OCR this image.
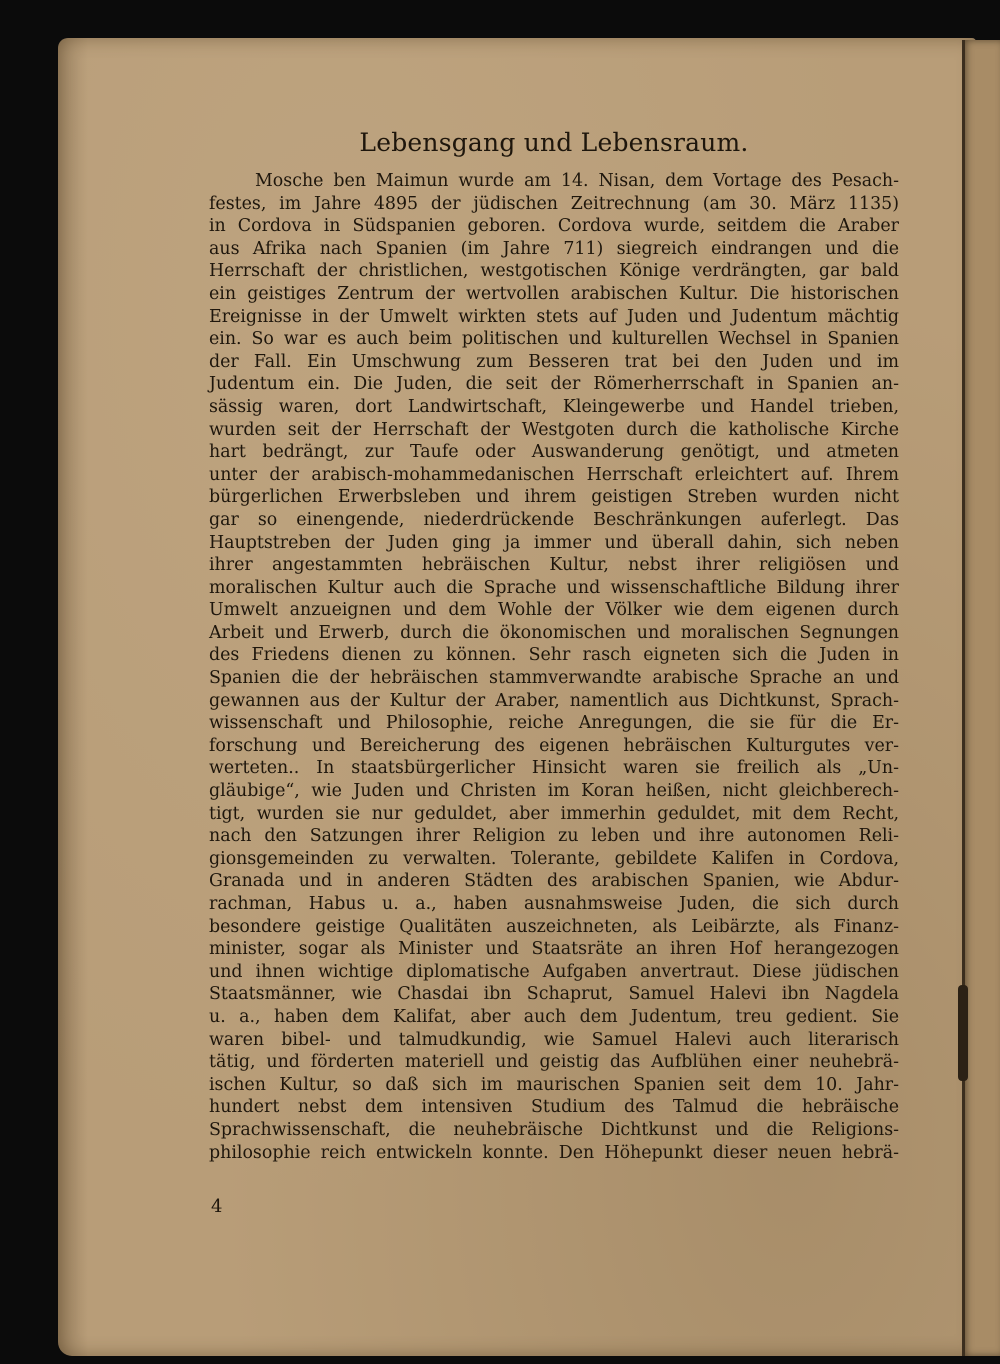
Lebensgang und Lebensraum.
Mosche ben Maimun wurde am 14. Nisan, dem Vortage des Pesach-
festes, im Jahre 4895 der jüdischen Zeitrechnung (am 30. März 1135)
in Cordova in Südspanien geboren. Cordova wurde, seitdem die Araber
aus Afrika nach Spanien (im Jahre 711) siegreich eindrangen und die
Herrschaft der christlichen, westgotischen Könige verdrängten, gar bald
ein geistiges Zentrum der wertvollen arabischen Kultur. Die historischen
Ereignisse in der Umwelt wirkten stets auf Juden und Judentum mächtig
ein. So war es auch beim politischen und kulturellen Wechsel in Spanien
der Fall. Ein Umschwung zum Besseren trat bei den Juden und im
Judentum ein. Die Juden, die seit der Römerherrschaft in Spanien an-
sässig waren, dort Landwirtschaft, Kleingewerbe und Handel trieben,
wurden seit der Herrschaft der Westgoten durch die katholische Kirche
hart bedrängt, zur Taufe oder Auswanderung genötigt, und atmeten
unter der arabisch-mohammedanischen Herrschaft erleichtert auf. Ihrem
bürgerlichen Erwerbsleben und ihrem geistigen Streben wurden nicht
gar so einengende, niederdrückende Beschränkungen auferlegt. Das
Hauptstreben der Juden ging ja immer und überall dahin, sich neben
ihrer angestammten hebräischen Kultur, nebst ihrer religiösen und
moralischen Kultur auch die Sprache und wissenschaftliche Bildung ihrer
Umwelt anzueignen und dem Wohle der Völker wie dem eigenen durch
Arbeit und Erwerb, durch die ökonomischen und moralischen Segnungen
des Friedens dienen zu können. Sehr rasch eigneten sich die Juden in
Spanien die der hebräischen stammverwandte arabische Sprache an und
gewannen aus der Kultur der Araber, namentlich aus Dichtkunst, Sprach-
wissenschaft und Philosophie, reiche Anregungen, die sie für die Er-
forschung und Bereicherung des eigenen hebräischen Kulturgutes ver-
werteten.. In staatsbürgerlicher Hinsicht waren sie freilich als „Un-
gläubige“, wie Juden und Christen im Koran heißen, nicht gleichberech-
tigt, wurden sie nur geduldet, aber immerhin geduldet, mit dem Recht,
nach den Satzungen ihrer Religion zu leben und ihre autonomen Reli-
gionsgemeinden zu verwalten. Tolerante, gebildete Kalifen in Cordova,
Granada und in anderen Städten des arabischen Spanien, wie Abdur-
rachman, Habus u. a., haben ausnahmsweise Juden, die sich durch
besondere geistige Qualitäten auszeichneten, als Leibärzte, als Finanz-
minister, sogar als Minister und Staatsräte an ihren Hof herangezogen
und ihnen wichtige diplomatische Aufgaben anvertraut. Diese jüdischen
Staatsmänner, wie Chasdai ibn Schaprut, Samuel Halevi ibn Nagdela
u. a., haben dem Kalifat, aber auch dem Judentum, treu gedient. Sie
waren bibel- und talmudkundig, wie Samuel Halevi auch literarisch
tätig, und förderten materiell und geistig das Aufblühen einer neuhebrä-
ischen Kultur, so daß sich im maurischen Spanien seit dem 10. Jahr-
hundert nebst dem intensiven Studium des Talmud die hebräische
Sprachwissenschaft, die neuhebräische Dichtkunst und die Religions-
philosophie reich entwickeln konnte. Den Höhepunkt dieser neuen hebrä-
4
